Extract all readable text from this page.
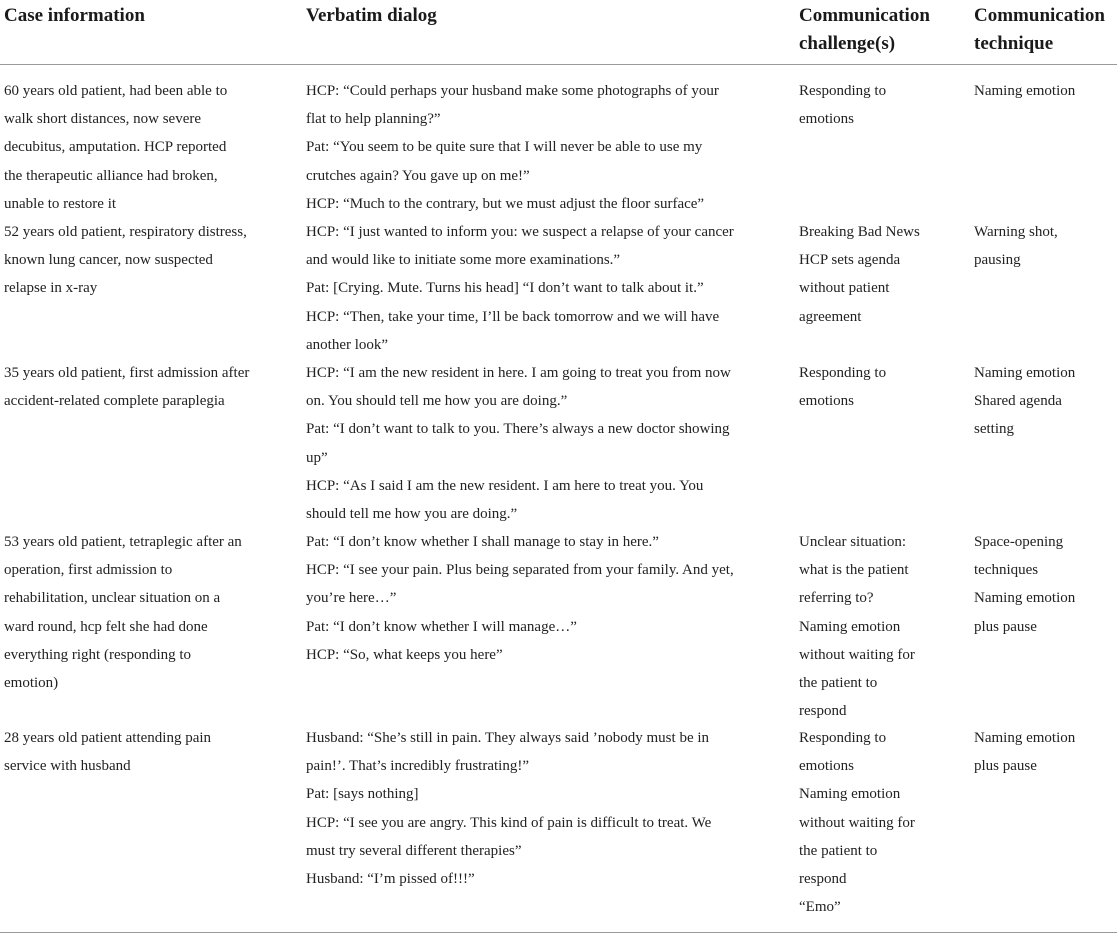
Case information	Verbatim dialog	Communication
challenge(s)
Communication
technique
60 years old patient, had been able to
walk short distances, now severe
decubitus, amputation. HCP reported
the therapeutic alliance had broken,
unable to restore it
HCP: “Could perhaps your husband make some photographs of your
flat to help planning?”
Pat: “You seem to be quite sure that I will never be able to use my
crutches again? You gave up on me!”
HCP: “Much to the contrary, but we must adjust the floor surface”
Responding to
emotions
Naming emotion
52 years old patient, respiratory distress,
known lung cancer, now suspected
relapse in x-ray
HCP: “I just wanted to inform you: we suspect a relapse of your cancer
and would like to initiate some more examinations.”
Pat: [Crying. Mute. Turns his head] “I don’t want to talk about it.”
HCP: “Then, take your time, I’ll be back tomorrow and we will have
another look”
Breaking Bad News
HCP sets agenda
without patient
agreement
Warning shot,
pausing
35 years old patient, first admission after
accident-related complete paraplegia
HCP: “I am the new resident in here. I am going to treat you from now
on. You should tell me how you are doing.”
Pat: “I don’t want to talk to you. There’s always a new doctor showing
up”
HCP: “As I said I am the new resident. I am here to treat you. You
should tell me how you are doing.”
Responding to
emotions
Naming emotion
Shared agenda
setting
53 years old patient, tetraplegic after an
operation, first admission to
rehabilitation, unclear situation on a
ward round, hcp felt she had done
everything right (responding to
emotion)
Pat: “I don’t know whether I shall manage to stay in here.”
HCP: “I see your pain. Plus being separated from your family. And yet,
you’re here…”
Pat: “I don’t know whether I will manage…”
HCP: “So, what keeps you here”
Unclear situation:
what is the patient
referring to?
Naming emotion
without waiting for
the patient to
respond
Space-opening
techniques
Naming emotion
plus pause
28 years old patient attending pain
service with husband
Husband: “She’s still in pain. They always said ’nobody must be in
pain!’. That’s incredibly frustrating!”
Pat: [says nothing]
HCP: “I see you are angry. This kind of pain is difficult to treat. We
must try several different therapies”
Husband: “I’m pissed of!!!”
Responding to
emotions
Naming emotion
without waiting for
the patient to
respond
“Emo”
Naming emotion
plus pause
